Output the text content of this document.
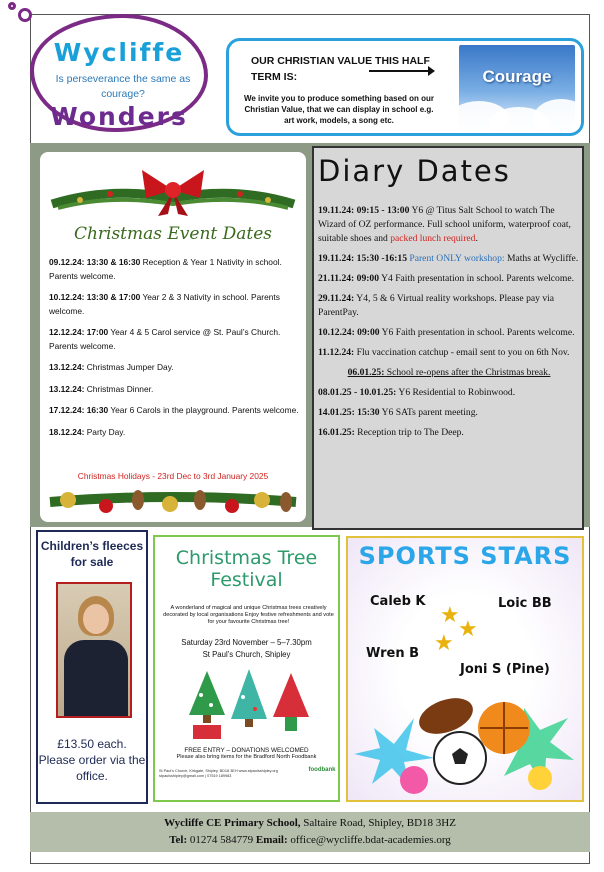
Wycliffe
Is perseverance the same as courage?
Wonders
OUR CHRISTIAN VALUE THIS HALF TERM IS:
We invite you to produce something based on our Christian Value, that we can display in school e.g. art work, models, a song etc.
Courage
Christmas Event Dates
09.12.24: 13:30 & 16:30 Reception & Year 1 Nativity in school. Parents welcome.
10.12.24: 13:30 & 17:00 Year 2 & 3 Nativity in school. Parents welcome.
12.12.24: 17:00 Year 4 & 5 Carol service @ St. Paul’s Church. Parents welcome.
13.12.24: Christmas Jumper Day.
13.12.24: Christmas Dinner.
17.12.24: 16:30 Year 6 Carols in the playground. Parents welcome.
18.12.24: Party Day.
Christmas Holidays - 23rd Dec to 3rd January 2025
Diary Dates
19.11.24: 09:15 - 13:00 Y6 @ Titus Salt School to watch The Wizard of OZ performance. Full school uniform, waterproof coat, suitable shoes and packed lunch required.
19.11.24: 15:30 -16:15 Parent ONLY workshop: Maths at Wycliffe.
21.11.24: 09:00 Y4 Faith presentation in school. Parents welcome.
29.11.24: Y4, 5 & 6 Virtual reality workshops. Please pay via ParentPay.
10.12.24: 09:00 Y6 Faith presentation in school. Parents welcome.
11.12.24: Flu vaccination catchup - email sent to you on 6th Nov.
06.01.25: School re-opens after the Christmas break.
08.01.25 - 10.01.25: Y6 Residential to Robinwood.
14.01.25: 15:30 Y6 SATs parent meeting.
16.01.25: Reception trip to The Deep.
Children’s fleeces for sale
£13.50 each. Please order via the office.
Christmas Tree Festival
A wonderland of magical and unique Christmas trees creatively decorated by local organisations Enjoy festive refreshments and vote for your favourite Christmas tree!
Saturday 23rd November – 5–7.30pm
St Paul’s Church, Shipley
FREE ENTRY – DONATIONS WELCOMED
Please also bring items for the Bradford North Foodbank
St Paul’s Church, Kirkgate, Shipley, BD18 3EH www.stpaulsshipley.org stpaulsshipley@gmail.com | 07519 189983
foodbank
SPORTS STARS
Caleb K	Loic BB
Wren B
Joni S (Pine)
★
★
★
Wycliffe CE Primary School, Saltaire Road, Shipley, BD18 3HZ
Tel: 01274 584779 Email: office@wycliffe.bdat-academies.org
